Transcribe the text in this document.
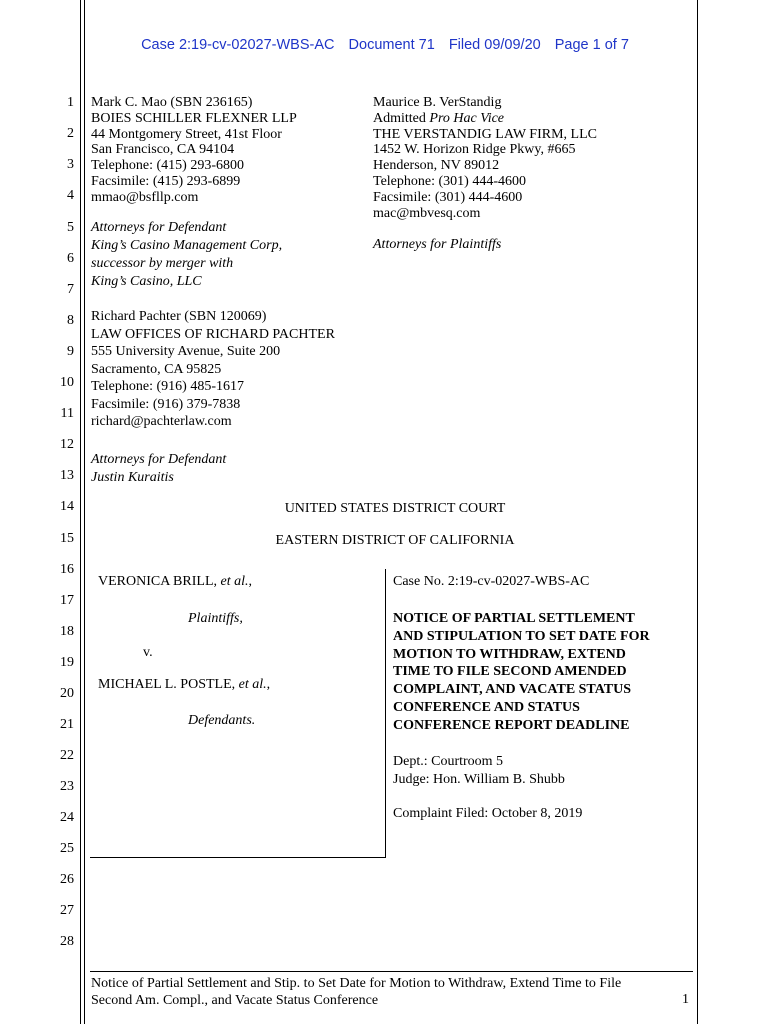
Case 2:19-cv-02027-WBS-AC Document 71 Filed 09/09/20 Page 1 of 7
1
2
3
4
5
6
7
8
9
10
11
12
13
14
15
16
17
18
19
20
21
22
23
24
25
26
27
28
Mark C. Mao (SBN 236165)
BOIES SCHILLER FLEXNER LLP
44 Montgomery Street, 41st Floor
San Francisco, CA 94104
Telephone: (415) 293-6800
Facsimile: (415) 293-6899
mmao@bsfllp.com
Attorneys for Defendant
King’s Casino Management Corp,
successor by merger with
King’s Casino, LLC
Maurice B. VerStandig
Admitted Pro Hac Vice
THE VERSTANDIG LAW FIRM, LLC
1452 W. Horizon Ridge Pkwy, #665
Henderson, NV 89012
Telephone: (301) 444-4600
Facsimile: (301) 444-4600
mac@mbvesq.com
Attorneys for Plaintiffs
Richard Pachter (SBN 120069)
LAW OFFICES OF RICHARD PACHTER
555 University Avenue, Suite 200
Sacramento, CA 95825
Telephone: (916) 485-1617
Facsimile: (916) 379-7838
richard@pachterlaw.com
Attorneys for Defendant
Justin Kuraitis
UNITED STATES DISTRICT COURT
EASTERN DISTRICT OF CALIFORNIA
VERONICA BRILL, et al.,
Plaintiffs,
v.
MICHAEL L. POSTLE, et al.,
Defendants.
Case No. 2:19-cv-02027-WBS-AC
NOTICE OF PARTIAL SETTLEMENT
AND STIPULATION TO SET DATE FOR
MOTION TO WITHDRAW, EXTEND
TIME TO FILE SECOND AMENDED
COMPLAINT, AND VACATE STATUS
CONFERENCE AND STATUS
CONFERENCE REPORT DEADLINE
Dept.: Courtroom 5
Judge: Hon. William B. Shubb
Complaint Filed: October 8, 2019
Notice of Partial Settlement and Stip. to Set Date for Motion to Withdraw, Extend Time to File
Second Am. Compl., and Vacate Status Conference	1
